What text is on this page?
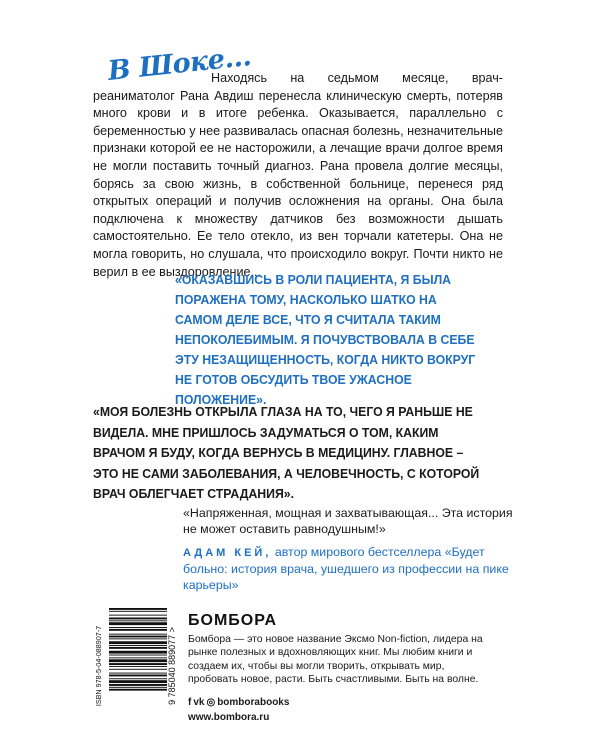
В Шоке...

Находясь на седьмом месяце, врач-реаниматолог Рана Авдиш перенесла клиническую смерть, потеряв много крови и в итоге ребенка. Оказывается, параллельно с беременностью у нее развивалась опасная болезнь, незначительные признаки которой ее не насторожили, а лечащие врачи долгое время не могли поставить точный диагноз. Рана провела долгие месяцы, борясь за свою жизнь, в собственной больнице, перенеся ряд открытых операций и получив осложнения на органы. Она была подключена к множеству датчиков без возможности дышать самостоятельно. Ее тело отекло, из вен торчали катетеры. Она не могла говорить, но слушала, что происходило вокруг. Почти никто не верил в ее выздоровление...

«ОКАЗАВШИСЬ В РОЛИ ПАЦИЕНТА, Я БЫЛА ПОРАЖЕНА ТОМУ, НАСКОЛЬКО ШАТКО НА САМОМ ДЕЛЕ ВСЕ, ЧТО Я СЧИТАЛА ТАКИМ НЕПОКОЛЕБИМЫМ. Я ПОЧУВСТВОВАЛА В СЕБЕ ЭТУ НЕЗАЩИЩЕННОСТЬ, КОГДА НИКТО ВОКРУГ НЕ ГОТОВ ОБСУДИТЬ ТВОЕ УЖАСНОЕ ПОЛОЖЕНИЕ».

«МОЯ БОЛЕЗНЬ ОТКРЫЛА ГЛАЗА НА ТО, ЧЕГО Я РАНЬШЕ НЕ ВИДЕЛА. МНЕ ПРИШЛОСЬ ЗАДУМАТЬСЯ О ТОМ, КАКИМ ВРАЧОМ Я БУДУ, КОГДА ВЕРНУСЬ В МЕДИЦИНУ. ГЛАВНОЕ – ЭТО НЕ САМИ ЗАБОЛЕВАНИЯ, А ЧЕЛОВЕЧНОСТЬ, С КОТОРОЙ ВРАЧ ОБЛЕГЧАЕТ СТРАДАНИЯ».

«Напряженная, мощная и захватывающая... Эта история не может оставить равнодушным!»

АДАМ КЕЙ, автор мирового бестселлера «Будет больно: история врача, ушедшего из профессии на пике карьеры»
ISBN 978-5-04-088907-7	9 785040 889077 >
БОМБОРА

Бомбора — это новое название Эксмо Non-fiction, лидера на рынке полезных и вдохновляющих книг. Мы любим книги и создаем их, чтобы вы могли творить, открывать мир, пробовать новое, расти. Быть счастливыми. Быть на волне.

f vk ◎ bomborabooks
www.bombora.ru
